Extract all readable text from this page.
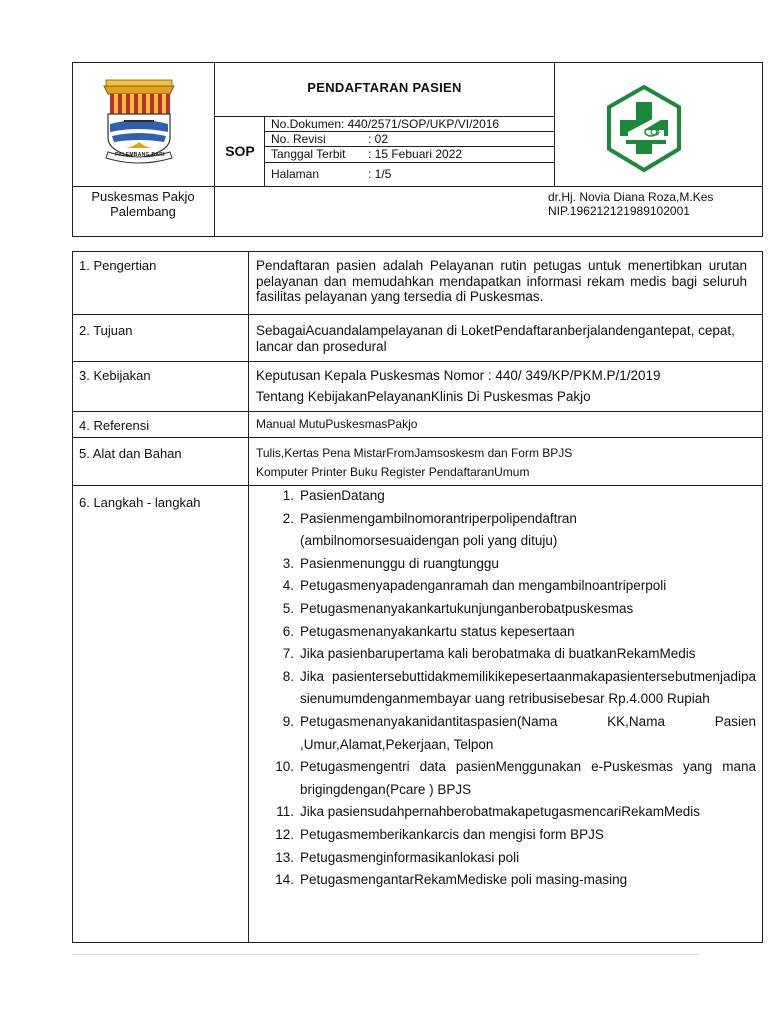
PALEMBANG BARI
PENDAFTARAN PASIEN
SOP
No.Dokumen: 440/2571/SOP/UKP/VI/2016
No. Revisi	: 02
Tanggal Terbit : 15 Febuari 2022
Halaman	: 1/5
Puskesmas Pakjo Palembang
dr.Hj. Novia Diana Roza,M.Kes
NIP.196212121989102001
1. Pengertian	Pendaftaran pasien adalah Pelayanan rutin petugas untuk menertibkan urutan pelayanan dan memudahkan mendapatkan informasi rekam medis bagi seluruh fasilitas pelayanan yang tersedia di Puskesmas.
2. Tujuan	SebagaiAcuandalampelayanan di LoketPendaftaranberjalandengantepat, cepat, lancar dan prosedural
3. Kebijakan	Keputusan Kepala Puskesmas Nomor : 440/ 349/KP/PKM.P/1/2019
Tentang KebijakanPelayananKlinis Di Puskesmas Pakjo
4. Referensi	Manual MutuPuskesmasPakjo
5. Alat dan Bahan	Tulis,Kertas Pena MistarFromJamsoskesm dan Form BPJS
Komputer Printer Buku Register PendaftaranUmum
6. Langkah - langkah	1. PasienDatang
2. Pasienmengambilnomorantriperpolipendaftran (ambilnomorsesuaidengan poli yang dituju)
3. Pasienmenunggu di ruangtunggu
4. Petugasmenyapadenganramah dan mengambilnoantriperpoli
5. Petugasmenanyakankartukunjunganberobatpuskesmas
6. Petugasmenanyakankartu status kepesertaan
7. Jika pasienbarupertama kali berobatmaka di buatkanRekamMedis
8. Jika pasientersebuttidakmemilikikepesertaanmakapasientersebutmenjadipasienumumdenganmembayar uang retribusisebesar Rp.4.000 Rupiah
9. Petugasmenanyakanidantitaspasien(Nama KK,Nama Pasien ,Umur,Alamat,Pekerjaan, Telpon
10. Petugasmengentri data pasienMenggunakan e-Puskesmas yang mana brigingdengan(Pcare ) BPJS
11. Jika pasiensudahpernahberobatmakapetugasmencariRekamMedis
12. Petugasmemberikankarcis dan mengisi form BPJS
13. Petugasmenginformasikanlokasi poli
14. PetugasmengantarRekamMediske poli masing-masing
